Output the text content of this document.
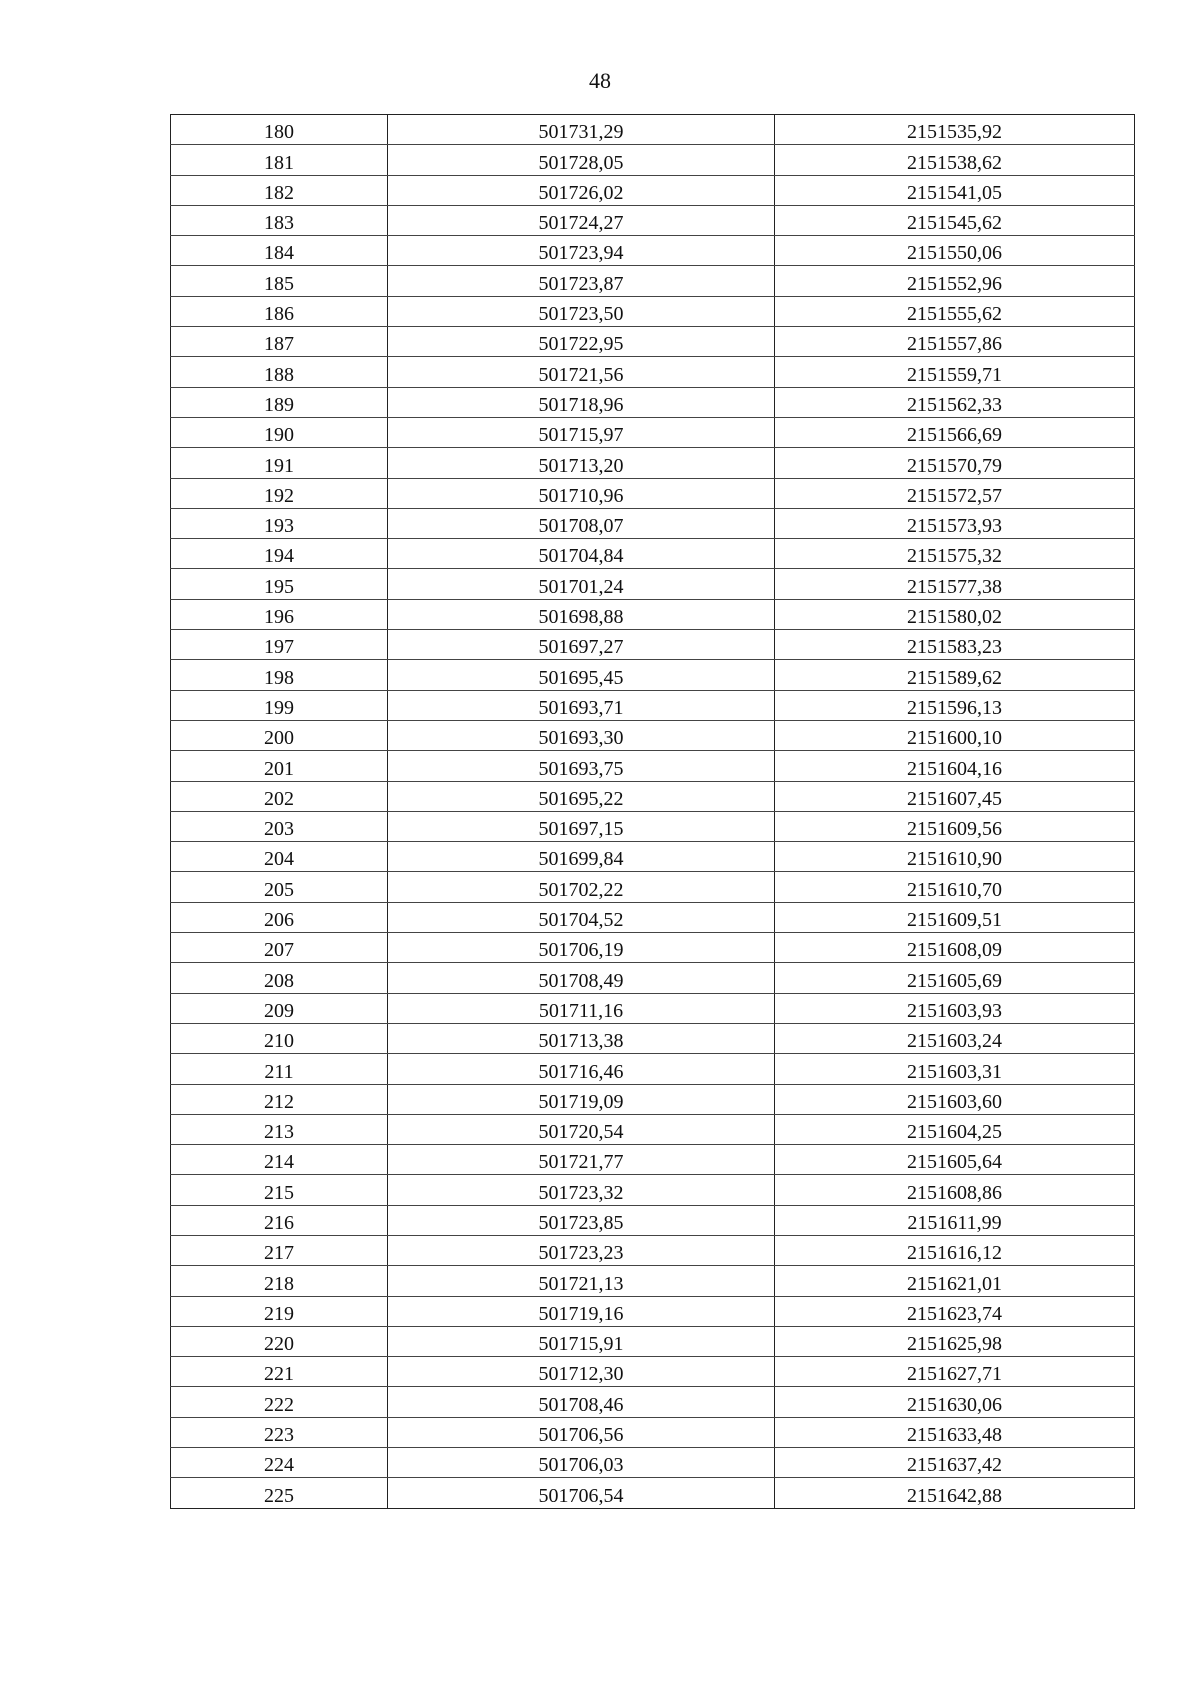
48
180	501731,29	2151535,92
181	501728,05	2151538,62
182	501726,02	2151541,05
183	501724,27	2151545,62
184	501723,94	2151550,06
185	501723,87	2151552,96
186	501723,50	2151555,62
187	501722,95	2151557,86
188	501721,56	2151559,71
189	501718,96	2151562,33
190	501715,97	2151566,69
191	501713,20	2151570,79
192	501710,96	2151572,57
193	501708,07	2151573,93
194	501704,84	2151575,32
195	501701,24	2151577,38
196	501698,88	2151580,02
197	501697,27	2151583,23
198	501695,45	2151589,62
199	501693,71	2151596,13
200	501693,30	2151600,10
201	501693,75	2151604,16
202	501695,22	2151607,45
203	501697,15	2151609,56
204	501699,84	2151610,90
205	501702,22	2151610,70
206	501704,52	2151609,51
207	501706,19	2151608,09
208	501708,49	2151605,69
209	501711,16	2151603,93
210	501713,38	2151603,24
211	501716,46	2151603,31
212	501719,09	2151603,60
213	501720,54	2151604,25
214	501721,77	2151605,64
215	501723,32	2151608,86
216	501723,85	2151611,99
217	501723,23	2151616,12
218	501721,13	2151621,01
219	501719,16	2151623,74
220	501715,91	2151625,98
221	501712,30	2151627,71
222	501708,46	2151630,06
223	501706,56	2151633,48
224	501706,03	2151637,42
225	501706,54	2151642,88
